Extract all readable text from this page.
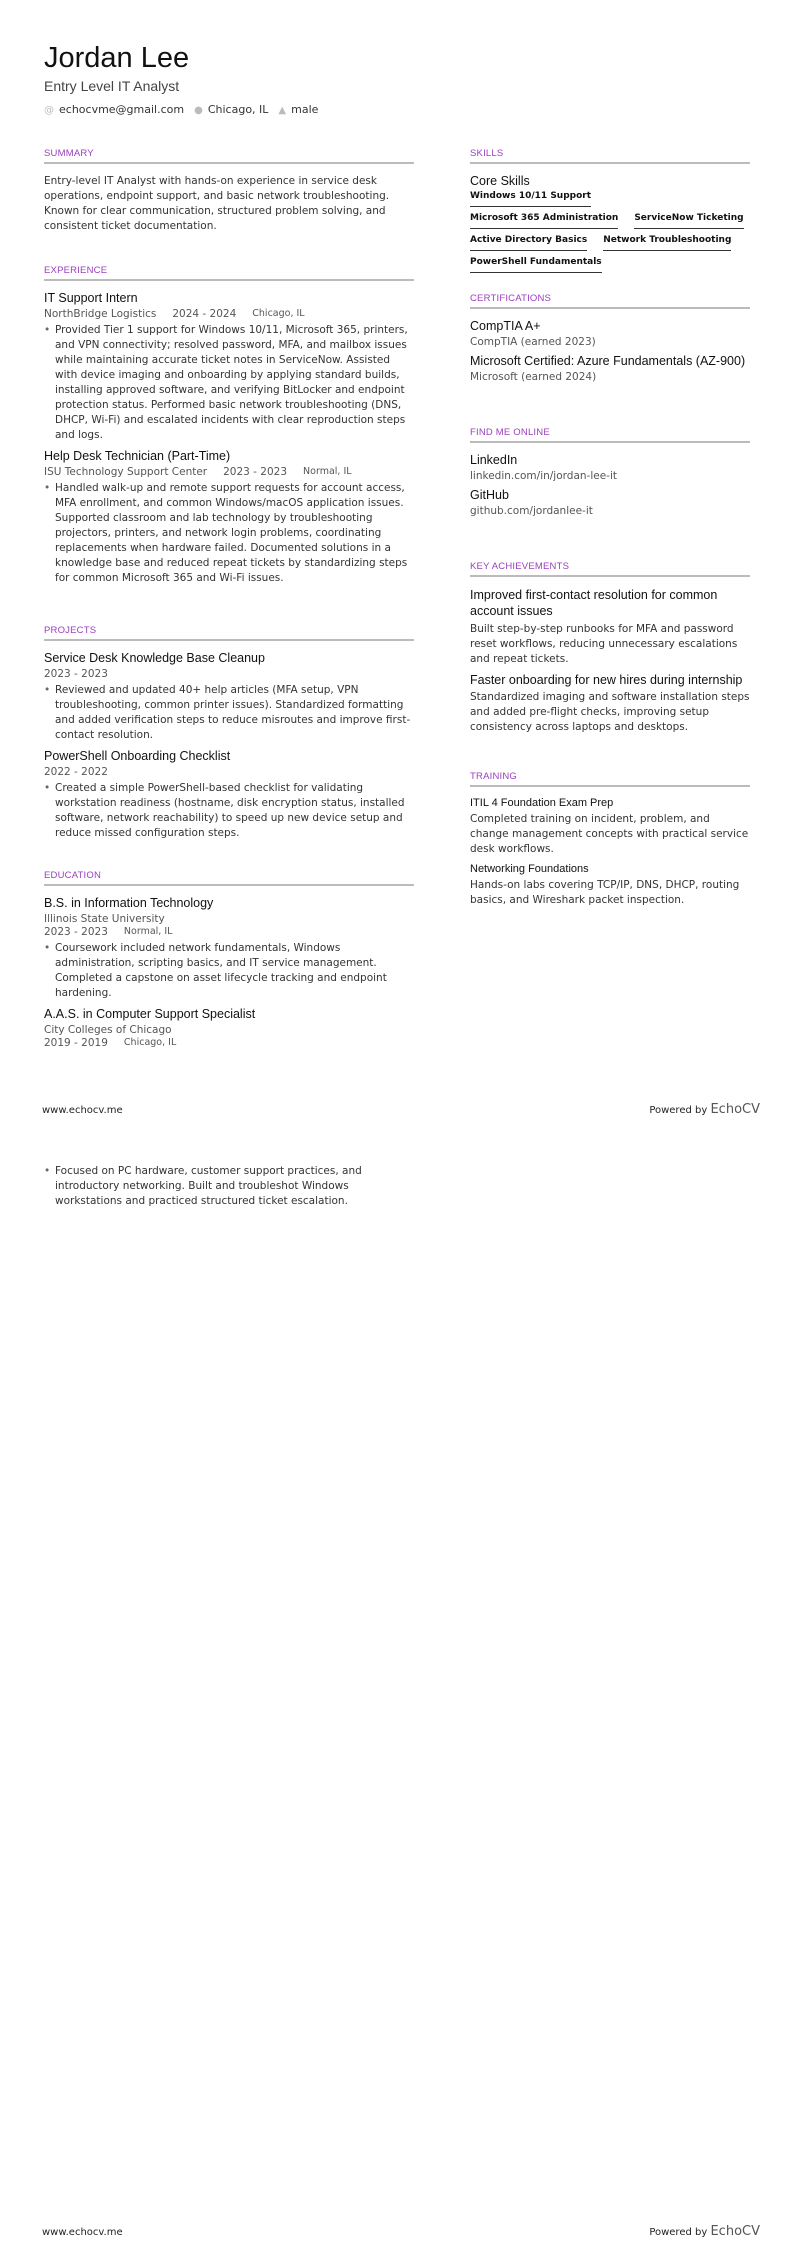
Jordan Lee
Entry Level IT Analyst
@ echocvme@gmail.com ● Chicago, IL ▲ male
SUMMARY
Entry-level IT Analyst with hands-on experience in service desk operations, endpoint support, and basic network troubleshooting. Known for clear communication, structured problem solving, and consistent ticket documentation.
EXPERIENCE
IT Support Intern
NorthBridge Logistics 2024 - 2024 Chicago, IL
• Provided Tier 1 support for Windows 10/11, Microsoft 365, printers, and VPN connectivity; resolved password, MFA, and mailbox issues while maintaining accurate ticket notes in ServiceNow. Assisted with device imaging and onboarding by applying standard builds, installing approved software, and verifying BitLocker and endpoint protection status. Performed basic network troubleshooting (DNS, DHCP, Wi-Fi) and escalated incidents with clear reproduction steps and logs.
Help Desk Technician (Part-Time)
ISU Technology Support Center 2023 - 2023 Normal, IL
• Handled walk-up and remote support requests for account access, MFA enrollment, and common Windows/macOS application issues. Supported classroom and lab technology by troubleshooting projectors, printers, and network login problems, coordinating replacements when hardware failed. Documented solutions in a knowledge base and reduced repeat tickets by standardizing steps for common Microsoft 365 and Wi-Fi issues.
PROJECTS
Service Desk Knowledge Base Cleanup
2023 - 2023
• Reviewed and updated 40+ help articles (MFA setup, VPN troubleshooting, common printer issues). Standardized formatting and added verification steps to reduce misroutes and improve first-contact resolution.
PowerShell Onboarding Checklist
2022 - 2022
• Created a simple PowerShell-based checklist for validating workstation readiness (hostname, disk encryption status, installed software, network reachability) to speed up new device setup and reduce missed configuration steps.
EDUCATION
B.S. in Information Technology
Illinois State University
2023 - 2023 Normal, IL
• Coursework included network fundamentals, Windows administration, scripting basics, and IT service management. Completed a capstone on asset lifecycle tracking and endpoint hardening.
A.A.S. in Computer Support Specialist
City Colleges of Chicago
2019 - 2019 Chicago, IL
SKILLS
Core Skills
Windows 10/11 Support
Microsoft 365 Administration ServiceNow Ticketing
Active Directory Basics Network Troubleshooting
PowerShell Fundamentals
CERTIFICATIONS
CompTIA A+
CompTIA (earned 2023)
Microsoft Certified: Azure Fundamentals (AZ-900)
Microsoft (earned 2024)
FIND ME ONLINE
LinkedIn
linkedin.com/in/jordan-lee-it
GitHub
github.com/jordanlee-it
KEY ACHIEVEMENTS
Improved first-contact resolution for common account issues
Built step-by-step runbooks for MFA and password reset workflows, reducing unnecessary escalations and repeat tickets.
Faster onboarding for new hires during internship
Standardized imaging and software installation steps and added pre-flight checks, improving setup consistency across laptops and desktops.
TRAINING
ITIL 4 Foundation Exam Prep
Completed training on incident, problem, and change management concepts with practical service desk workflows.
Networking Foundations
Hands-on labs covering TCP/IP, DNS, DHCP, routing basics, and Wireshark packet inspection.
www.echocv.me	Powered by EchoCV
• Focused on PC hardware, customer support practices, and introductory networking. Built and troubleshot Windows workstations and practiced structured ticket escalation.
www.echocv.me	Powered by EchoCV
